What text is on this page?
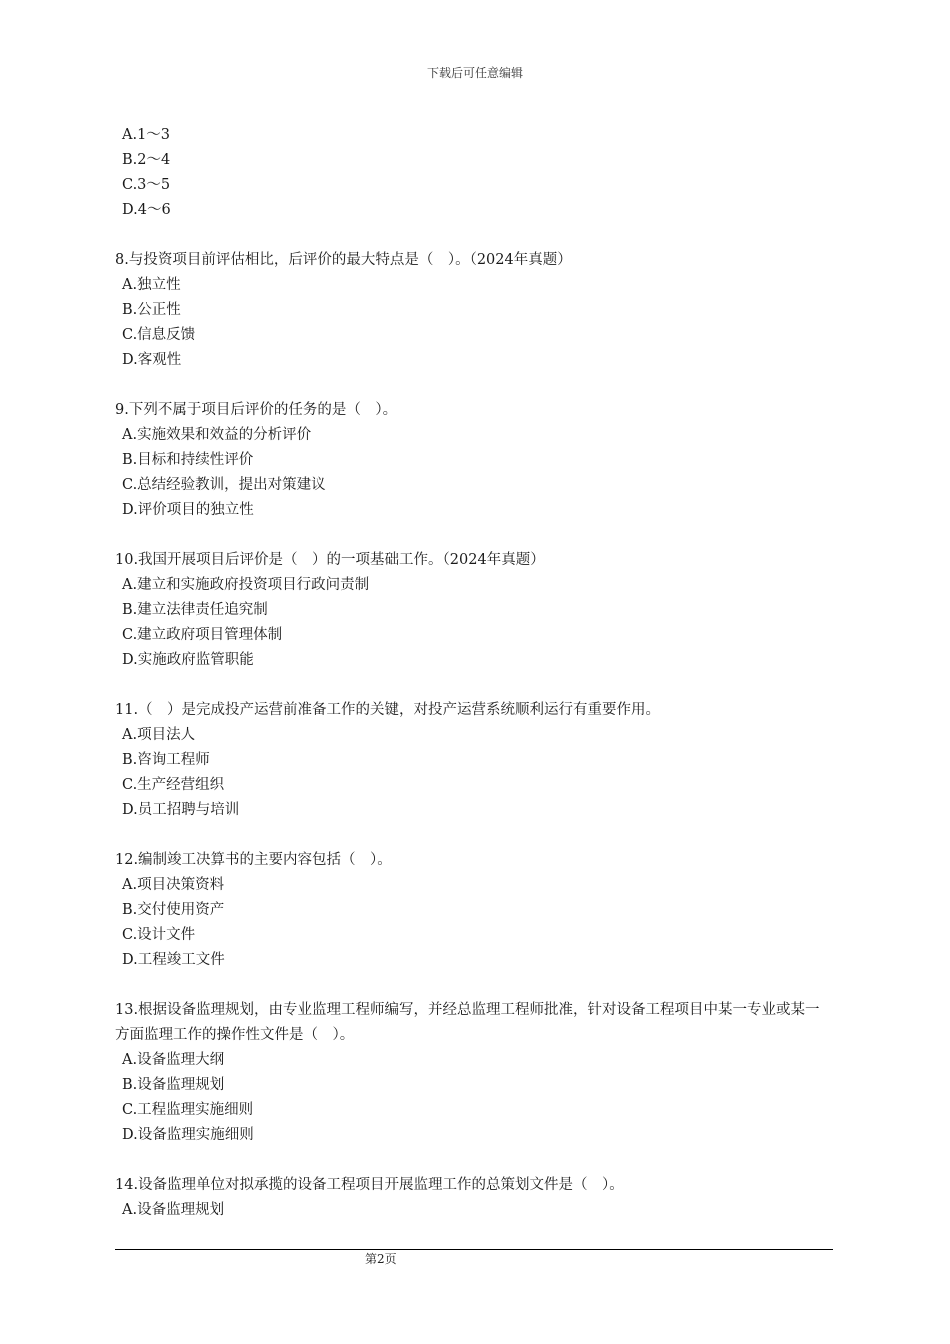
下载后可任意编辑

A.1～3

B.2～4

C.3～5

D.4～6

8.与投资项目前评估相比，后评价的最大特点是（　）。（2024年真题）

A.独立性

B.公正性

C.信息反馈

D.客观性

9.下列不属于项目后评价的任务的是（　）。

A.实施效果和效益的分析评价

B.目标和持续性评价

C.总结经验教训，提出对策建议

D.评价项目的独立性

10.我国开展项目后评价是（　）的一项基础工作。（2024年真题）

A.建立和实施政府投资项目行政问责制

B.建立法律责任追究制

C.建立政府项目管理体制

D.实施政府监管职能

11.（　）是完成投产运营前准备工作的关键，对投产运营系统顺利运行有重要作用。

A.项目法人

B.咨询工程师

C.生产经营组织

D.员工招聘与培训

12.编制竣工决算书的主要内容包括（　）。

A.项目决策资料

B.交付使用资产

C.设计文件

D.工程竣工文件

13.根据设备监理规划，由专业监理工程师编写，并经总监理工程师批准，针对设备工程项目中某一专业或某一方面监理工作的操作性文件是（　）。

A.设备监理大纲

B.设备监理规划

C.工程监理实施细则

D.设备监理实施细则

14.设备监理单位对拟承揽的设备工程项目开展监理工作的总策划文件是（　）。

A.设备监理规划

第2页
